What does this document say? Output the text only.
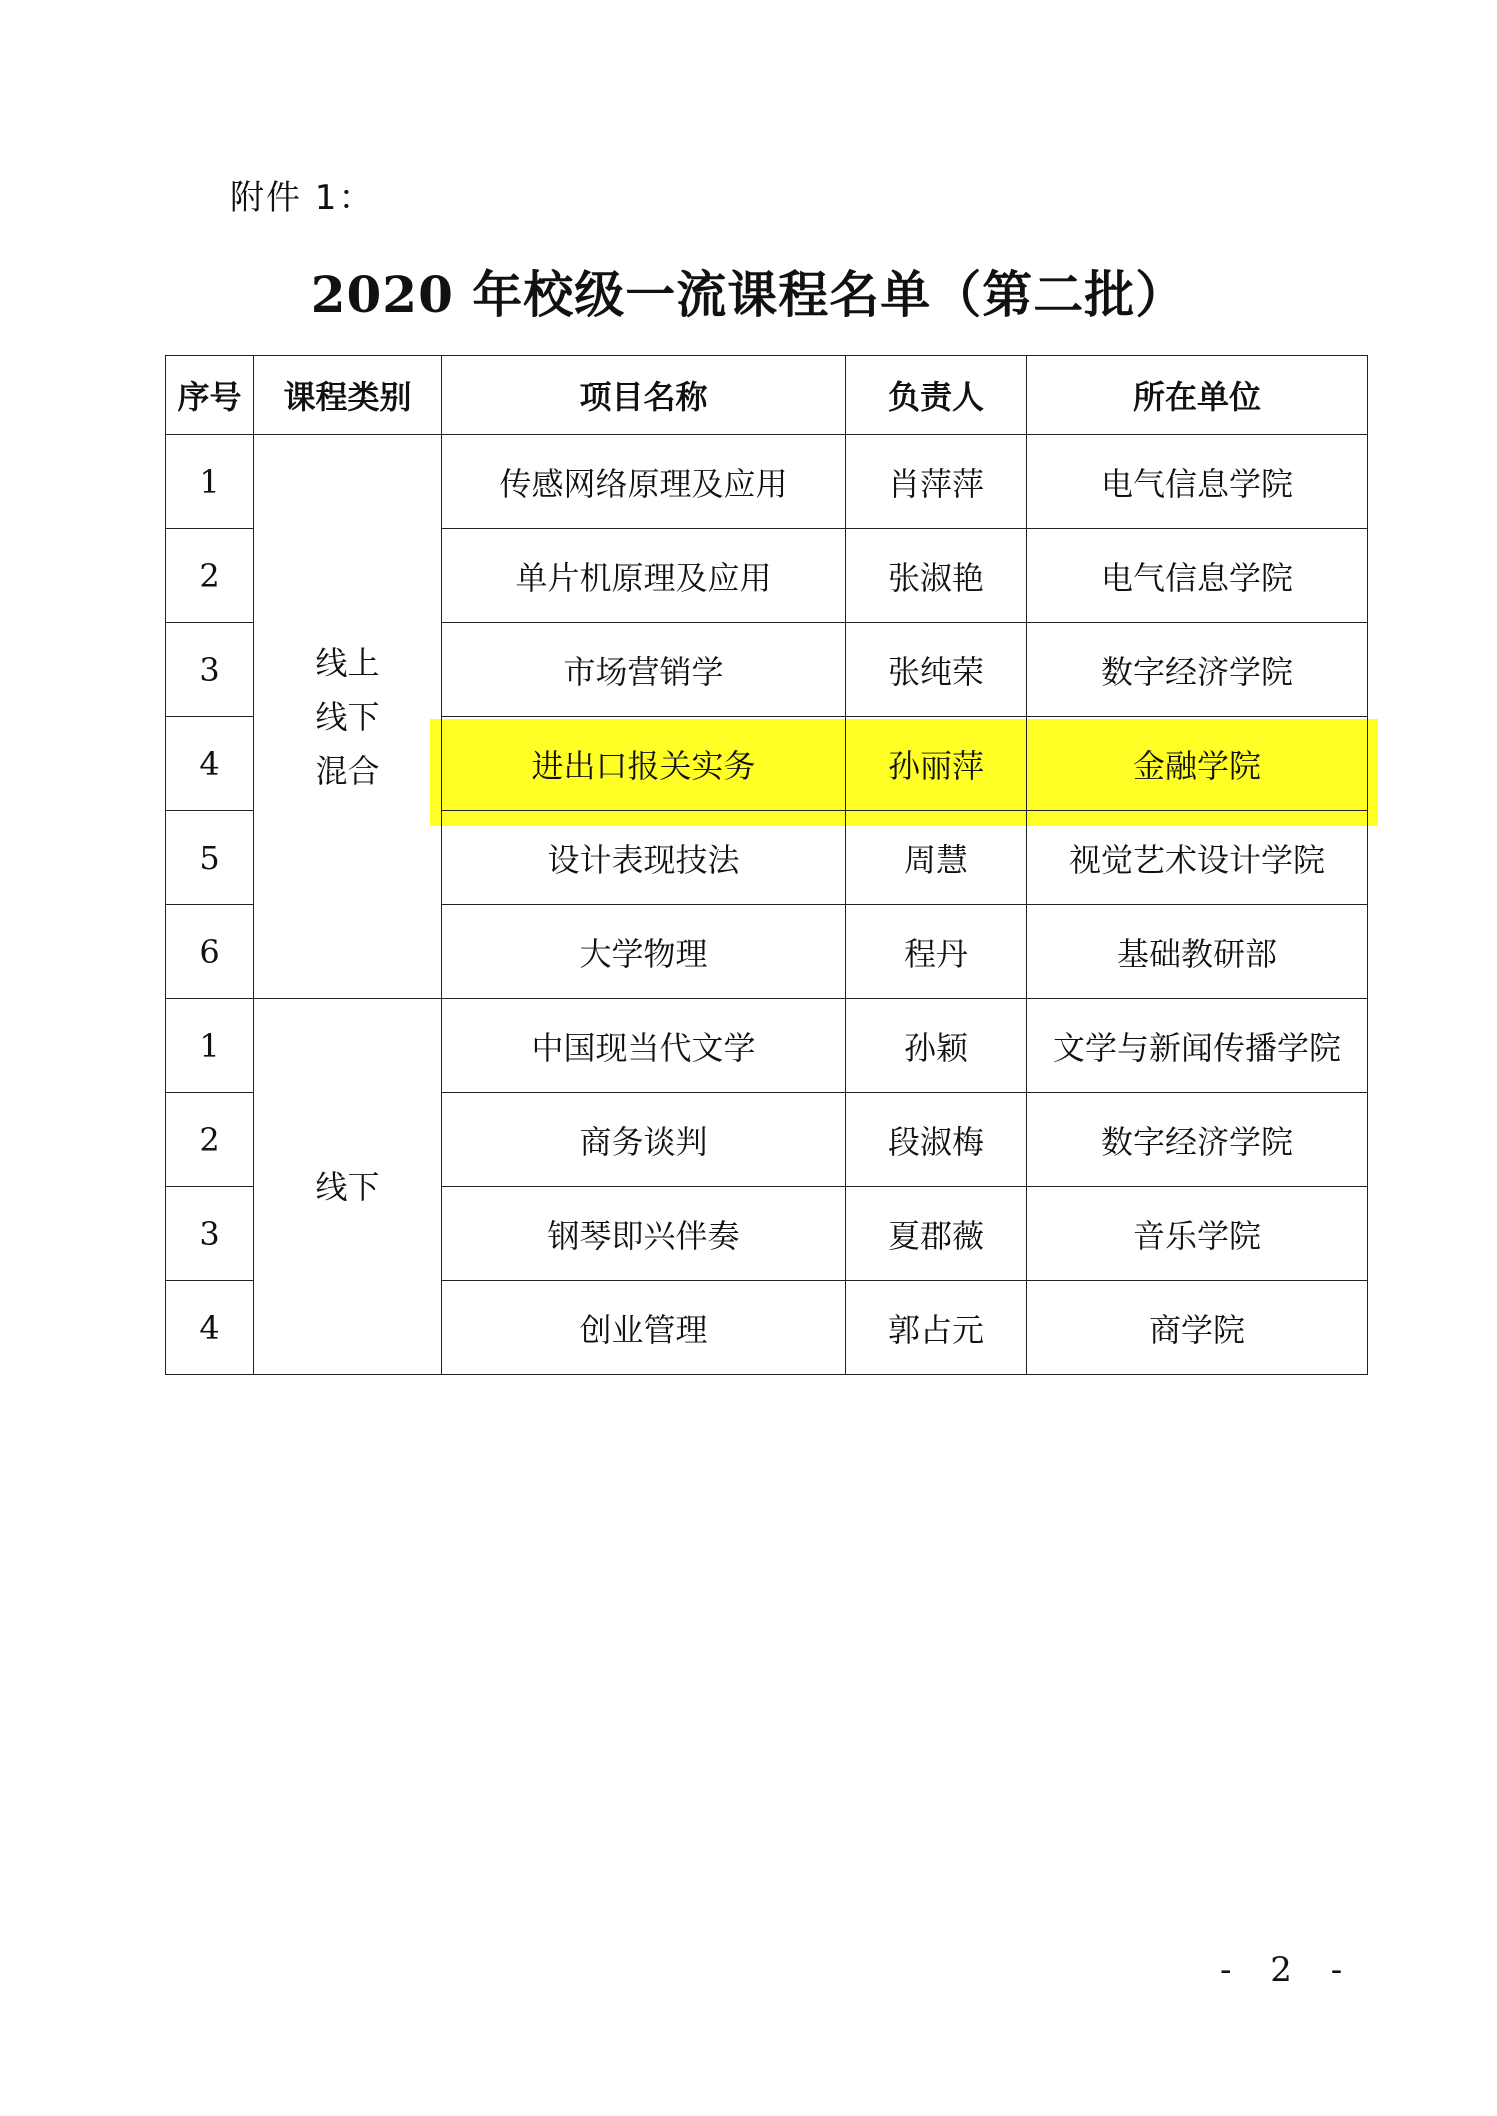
附件 1：
2020 年校级一流课程名单（第二批）
序号	课程类别	项目名称	负责人	所在单位
1	线上
线下
混合	传感网络原理及应用	肖萍萍	电气信息学院
2		单片机原理及应用	张淑艳	电气信息学院
3		市场营销学	张纯荣	数字经济学院
4		进出口报关实务	孙丽萍	金融学院
5		设计表现技法	周慧	视觉艺术设计学院
6		大学物理	程丹	基础教研部
1	线下	中国现当代文学	孙颖	文学与新闻传播学院
2		商务谈判	段淑梅	数字经济学院
3		钢琴即兴伴奏	夏郡薇	音乐学院
4		创业管理	郭占元	商学院
- 2 -
